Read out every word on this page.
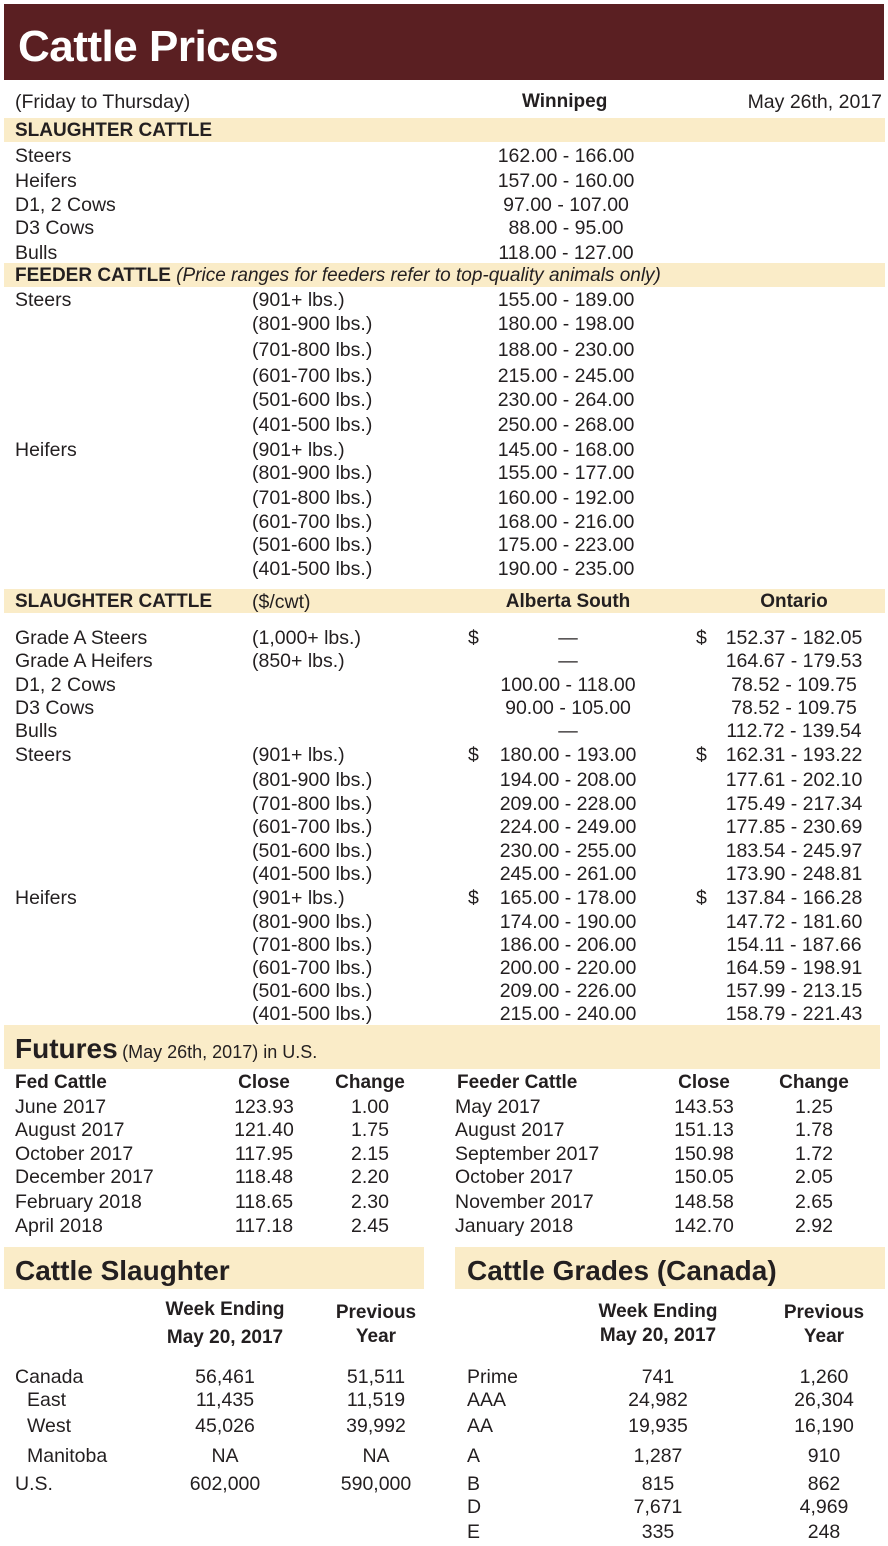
Cattle Prices
(Friday to Thursday)	Winnipeg	May 26th, 2017
SLAUGHTER CATTLE
Steers	162.00 - 166.00
Heifers	157.00 - 160.00
D1, 2 Cows	97.00 - 107.00
D3 Cows	88.00 - 95.00
Bulls	118.00 - 127.00
FEEDER CATTLE (Price ranges for feeders refer to top-quality animals only)
Steers	(901+ lbs.)	155.00 - 189.00
(801-900 lbs.)	180.00 - 198.00
(701-800 lbs.)	188.00 - 230.00
(601-700 lbs.)	215.00 - 245.00
(501-600 lbs.)	230.00 - 264.00
(401-500 lbs.)	250.00 - 268.00
Heifers	(901+ lbs.)	145.00 - 168.00
(801-900 lbs.)	155.00 - 177.00
(701-800 lbs.)	160.00 - 192.00
(601-700 lbs.)	168.00 - 216.00
(501-600 lbs.)	175.00 - 223.00
(401-500 lbs.)	190.00 - 235.00
SLAUGHTER CATTLE ($/cwt)	Alberta South	Ontario
Grade A Steers	(1,000+ lbs.)	$	—	$ 152.37 - 182.05
Grade A Heifers	(850+ lbs.)	—	164.67 - 179.53
D1, 2 Cows	100.00 - 118.00	78.52 - 109.75
D3 Cows	90.00 - 105.00	78.52 - 109.75
Bulls	—	112.72 - 139.54
Steers	(901+ lbs.)	$	180.00 - 193.00	$ 162.31 - 193.22
(801-900 lbs.)	194.00 - 208.00	177.61 - 202.10
(701-800 lbs.)	209.00 - 228.00	175.49 - 217.34
(601-700 lbs.)	224.00 - 249.00	177.85 - 230.69
(501-600 lbs.)	230.00 - 255.00	183.54 - 245.97
(401-500 lbs.)	245.00 - 261.00	173.90 - 248.81
Heifers	(901+ lbs.)	$	165.00 - 178.00	$ 137.84 - 166.28
(801-900 lbs.)	174.00 - 190.00	147.72 - 181.60
(701-800 lbs.)	186.00 - 206.00	154.11 - 187.66
(601-700 lbs.)	200.00 - 220.00	164.59 - 198.91
(501-600 lbs.)	209.00 - 226.00	157.99 - 213.15
(401-500 lbs.)	215.00 - 240.00	158.79 - 221.43
Futures (May 26th, 2017) in U.S.
Fed Cattle	Close	Change	Feeder Cattle	Close	Change
June 2017	123.93	1.00
August 2017	121.40	1.75
October 2017	117.95	2.15
December 2017	118.48	2.20
February 2018	118.65	2.30
April 2018	117.18	2.45
May 2017	143.53	1.25
August 2017	151.13	1.78
September 2017	150.98	1.72
October 2017	150.05	2.05
November 2017	148.58	2.65
January 2018	142.70	2.92
Cattle Slaughter
Week Ending
May 20, 2017
Previous
Year
Canada	56,461	51,511
East	11,435	11,519
West	45,026	39,992
Manitoba	NA	NA
U.S.	602,000	590,000
Cattle Grades (Canada)
Week Ending
May 20, 2017
Previous
Year
Prime	741	1,260
AAA	24,982	26,304
AA	19,935	16,190
A	1,287	910
B	815	862
D	7,671	4,969
E	335	248
